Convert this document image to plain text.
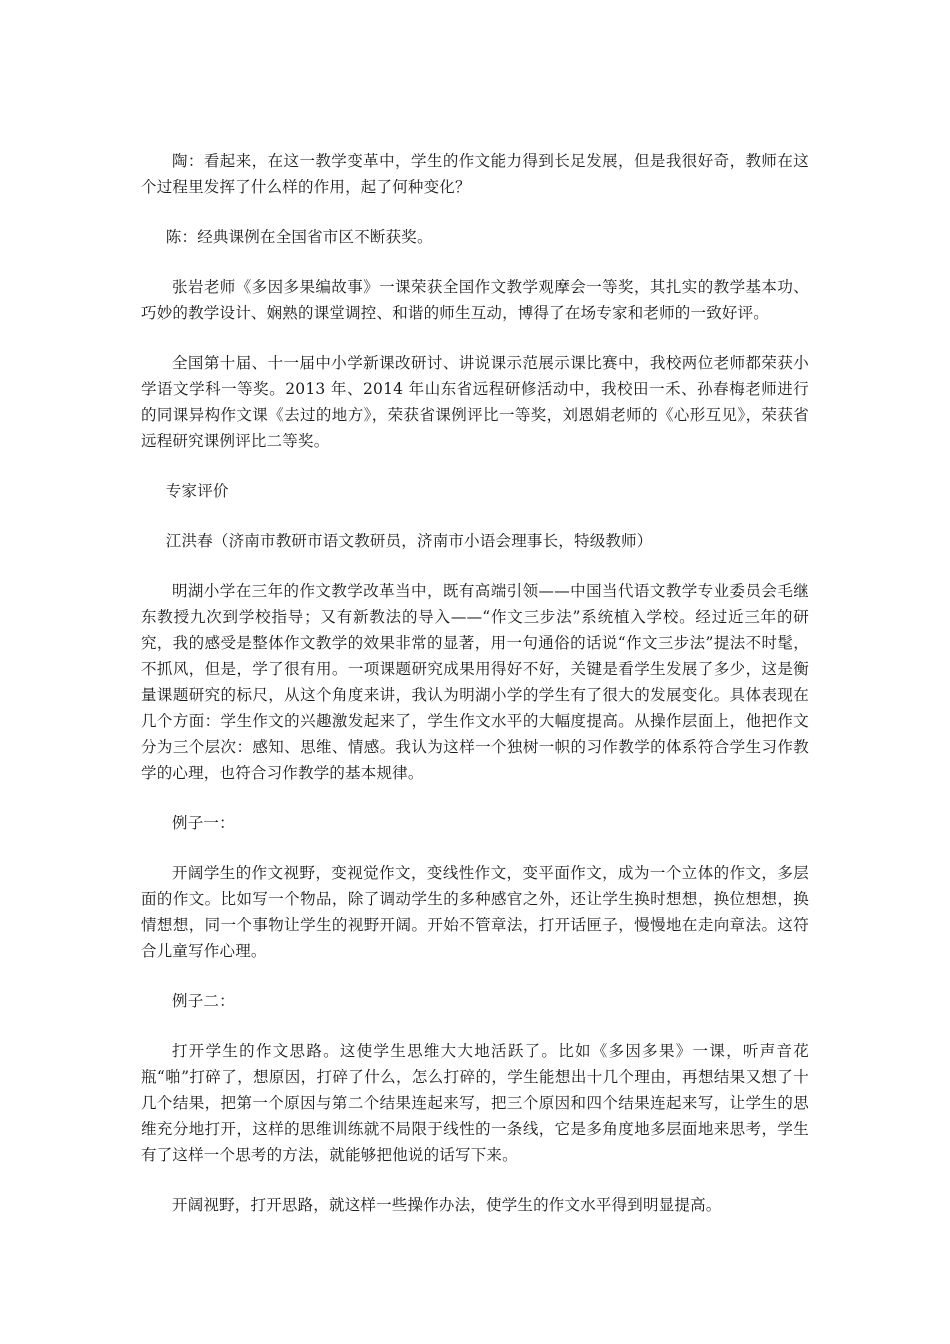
陶：看起来，在这一教学变革中，学生的作文能力得到长足发展，但是我很好奇，教师在这个过程里发挥了什么样的作用，起了何种变化？

陈：经典课例在全国省市区不断获奖。

张岩老师《多因多果编故事》一课荣获全国作文教学观摩会一等奖，其扎实的教学基本功、巧妙的教学设计、娴熟的课堂调控、和谐的师生互动，博得了在场专家和老师的一致好评。

全国第十届、十一届中小学新课改研讨、讲说课示范展示课比赛中，我校两位老师都荣获小学语文学科一等奖。2013 年、2014 年山东省远程研修活动中，我校田一禾、孙春梅老师进行的同课异构作文课《去过的地方》，荣获省课例评比一等奖，刘恩娟老师的《心形互见》，荣获省远程研究课例评比二等奖。

专家评价

江洪春（济南市教研市语文教研员，济南市小语会理事长，特级教师）

明湖小学在三年的作文教学改革当中，既有高端引领——中国当代语文教学专业委员会毛继东教授九次到学校指导；又有新教法的导入——“作文三步法”系统植入学校。经过近三年的研究，我的感受是整体作文教学的效果非常的显著，用一句通俗的话说“作文三步法”提法不时髦，不抓风，但是，学了很有用。一项课题研究成果用得好不好，关键是看学生发展了多少，这是衡量课题研究的标尺，从这个角度来讲，我认为明湖小学的学生有了很大的发展变化。具体表现在几个方面：学生作文的兴趣激发起来了，学生作文水平的大幅度提高。从操作层面上，他把作文分为三个层次：感知、思维、情感。我认为这样一个独树一帜的习作教学的体系符合学生习作教学的心理，也符合习作教学的基本规律。

例子一：

开阔学生的作文视野，变视觉作文，变线性作文，变平面作文，成为一个立体的作文，多层面的作文。比如写一个物品，除了调动学生的多种感官之外，还让学生换时想想，换位想想，换情想想，同一个事物让学生的视野开阔。开始不管章法，打开话匣子，慢慢地在走向章法。这符合儿童写作心理。

例子二：

打开学生的作文思路。这使学生思维大大地活跃了。比如《多因多果》一课，听声音花瓶“啪”打碎了，想原因，打碎了什么，怎么打碎的，学生能想出十几个理由，再想结果又想了十几个结果，把第一个原因与第二个结果连起来写，把三个原因和四个结果连起来写，让学生的思维充分地打开，这样的思维训练就不局限于线性的一条线，它是多角度地多层面地来思考，学生有了这样一个思考的方法，就能够把他说的话写下来。

开阔视野，打开思路，就这样一些操作办法，使学生的作文水平得到明显提高。
